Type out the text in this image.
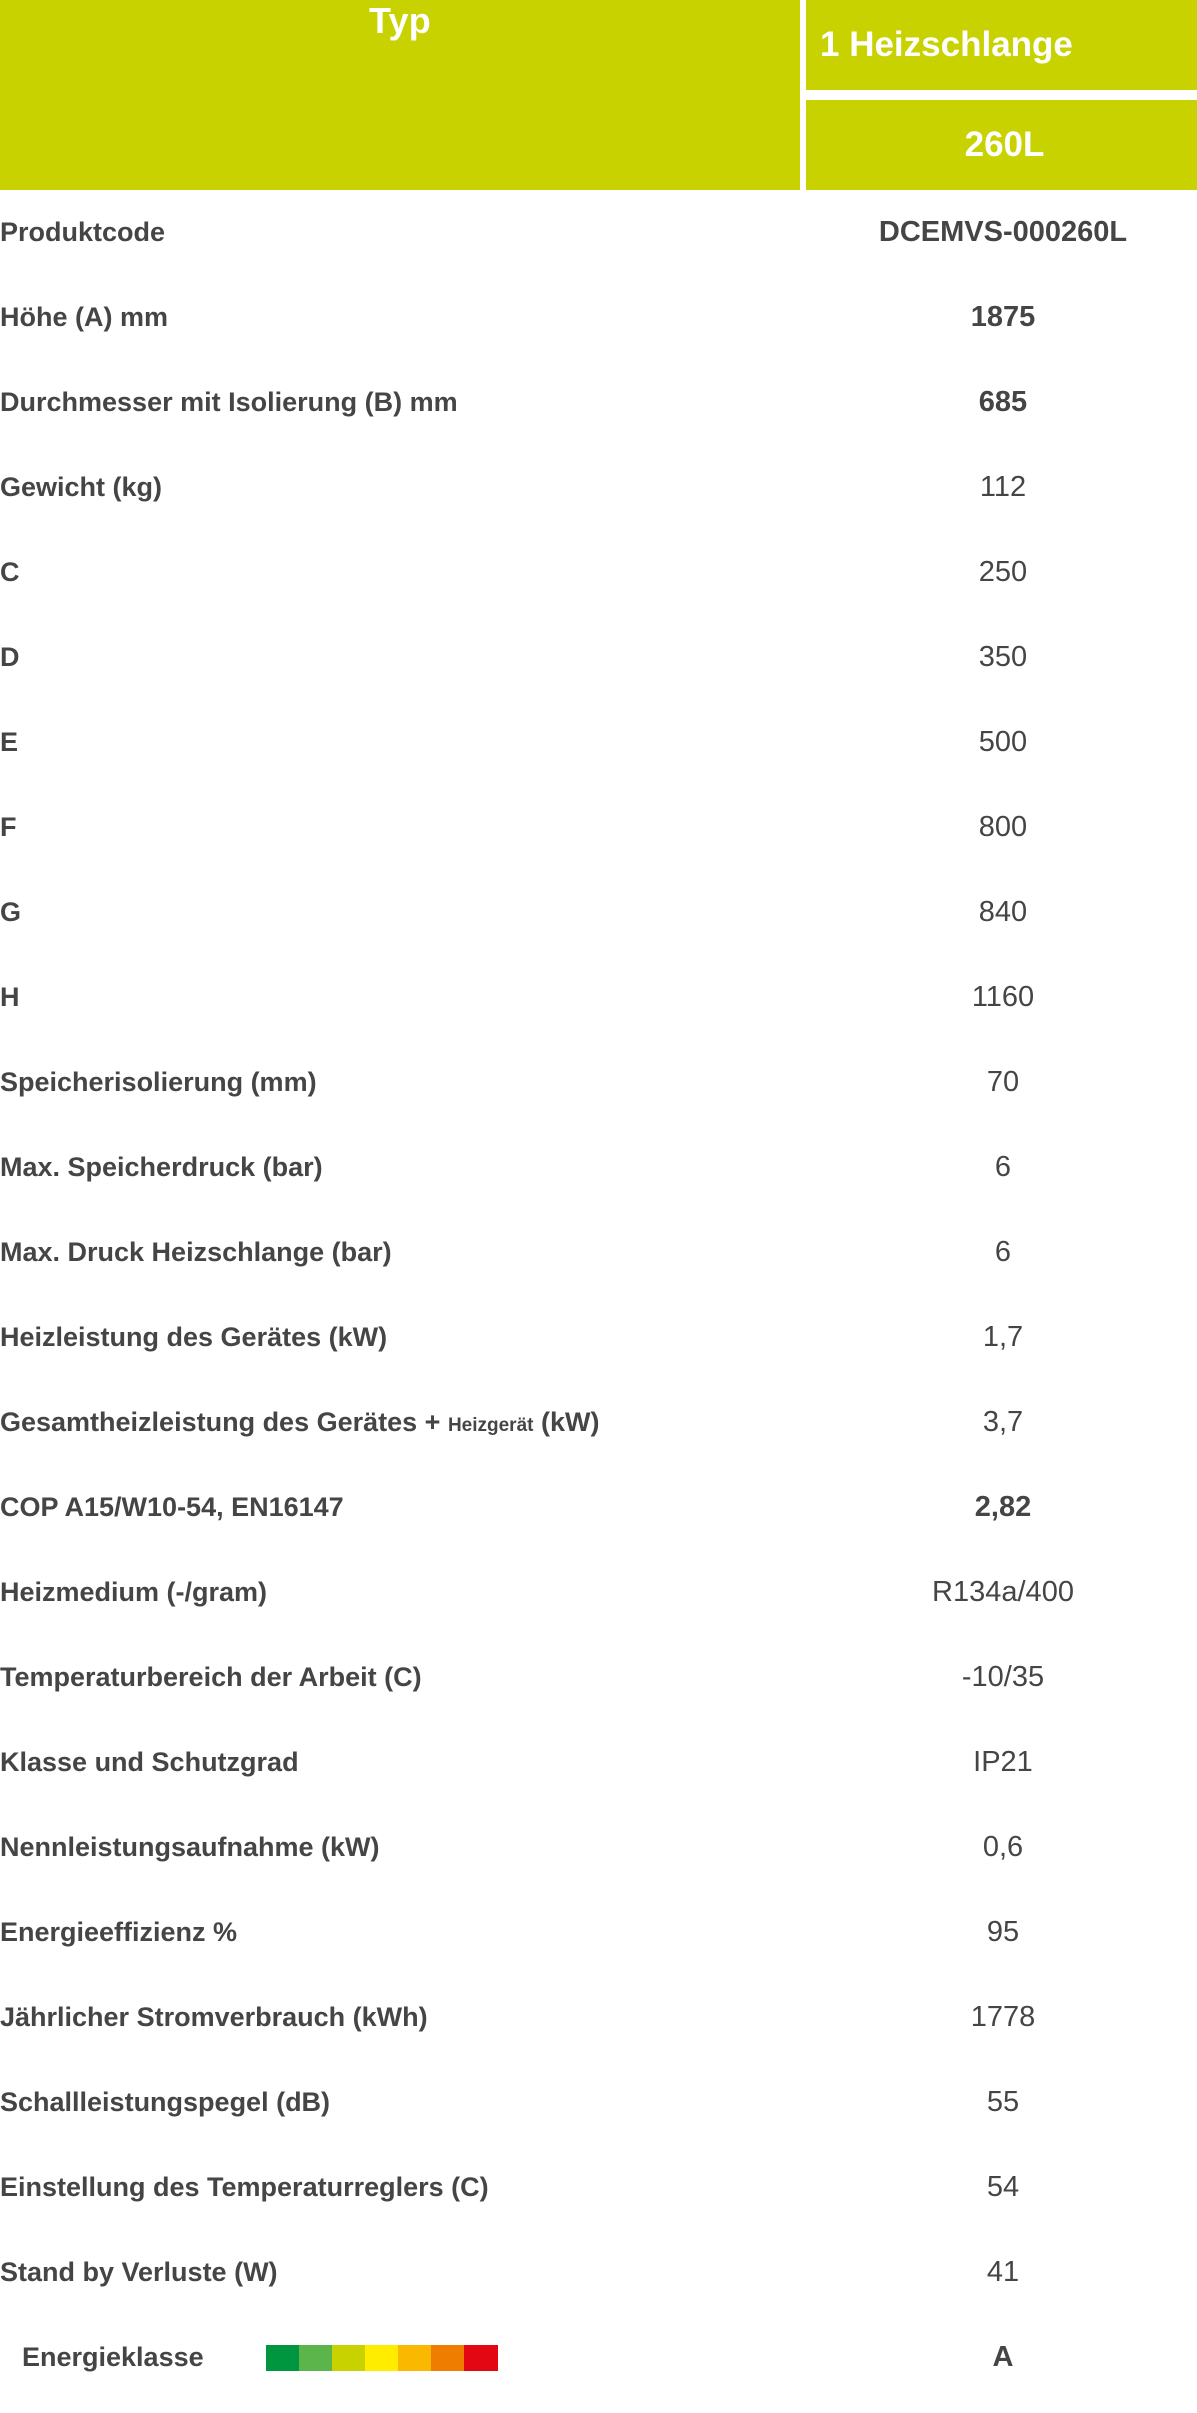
Typ	1 Heizschlange
260L

Produktcode	DCEMVS-000260L
Höhe (A) mm	1875
Durchmesser mit Isolierung (B) mm	685
Gewicht (kg)	112
C	250
D	350
E	500
F	800
G	840
H	1160
Speicherisolierung (mm)	70
Max. Speicherdruck (bar)	6
Max. Druck Heizschlange (bar)	6
Heizleistung des Gerätes (kW)	1,7
Gesamtheizleistung des Gerätes + Heizgerät (kW)	3,7
COP A15/W10-54, EN16147	2,82
Heizmedium (-/gram)	R134a/400
Temperaturbereich der Arbeit (C)	-10/35
Klasse und Schutzgrad	IP21
Nennleistungsaufnahme (kW)	0,6
Energieeffizienz %	95
Jährlicher Stromverbrauch (kWh)	1778
Schallleistungspegel (dB)	55
Einstellung des Temperaturreglers (C)	54
Stand by Verluste (W)	41

Energieklasse	A
